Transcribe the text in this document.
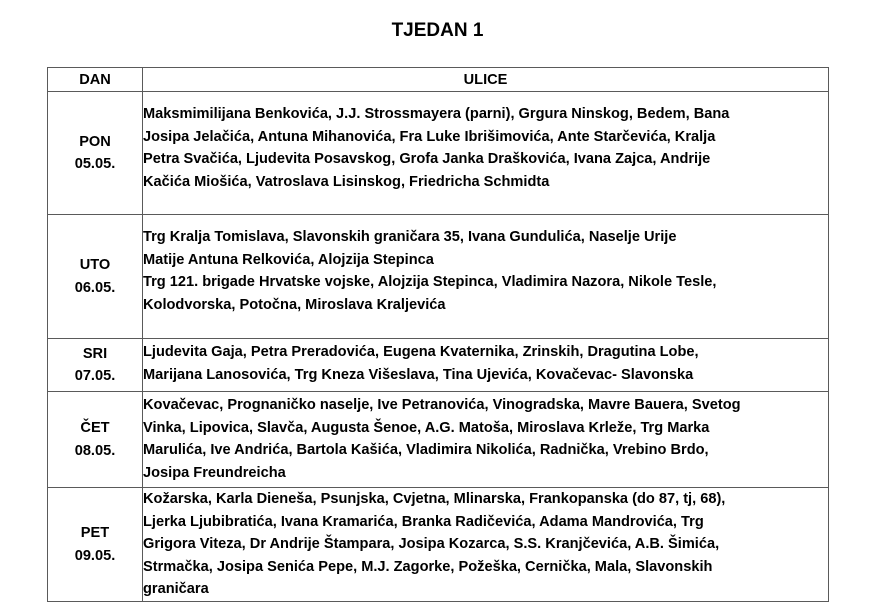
TJEDAN 1
DAN	ULICE

PON
05.05.	Maksmimilijana Benkovića, J.J. Strossmayera (parni), Grgura Ninskog, Bedem, Bana
Josipa Jelačića, Antuna Mihanovića, Fra Luke Ibrišimovića, Ante Starčevića, Kralja
Petra Svačića, Ljudevita Posavskog, Grofa Janka Draškovića, Ivana Zajca, Andrije
Kačića Miošića, Vatroslava Lisinskog, Friedricha Schmidta

UTO
06.05.	Trg Kralja Tomislava, Slavonskih graničara 35, Ivana Gundulića, Naselje Urije
Matije Antuna Relkovića, Alojzija Stepinca
Trg 121. brigade Hrvatske vojske, Alojzija Stepinca, Vladimira Nazora, Nikole Tesle,
Kolodvorska, Potočna, Miroslava Kraljevića

SRI
07.05.	Ljudevita Gaja, Petra Preradovića, Eugena Kvaternika, Zrinskih, Dragutina Lobe,
Marijana Lanosovića, Trg Kneza Višeslava, Tina Ujevića, Kovačevac- Slavonska

ČET
08.05.	Kovačevac, Prognaničko naselje, Ive Petranovića, Vinogradska, Mavre Bauera, Svetog
Vinka, Lipovica, Slavča, Augusta Šenoe, A.G. Matoša, Miroslava Krleže, Trg Marka
Marulića, Ive Andrića, Bartola Kašića, Vladimira Nikolića, Radnička, Vrebino Brdo,
Josipa Freundreicha

PET
09.05.	Kožarska, Karla Dieneša, Psunjska, Cvjetna, Mlinarska, Frankopanska (do 87, tj, 68),
Ljerka Ljubibratića, Ivana Kramarića, Branka Radičevića, Adama Mandrovića, Trg
Grigora Viteza, Dr Andrije Štampara, Josipa Kozarca, S.S. Kranjčevića, A.B. Šimića,
Strmačka, Josipa Senića Pepe, M.J. Zagorke, Požeška, Cernička, Mala, Slavonskih
graničara
